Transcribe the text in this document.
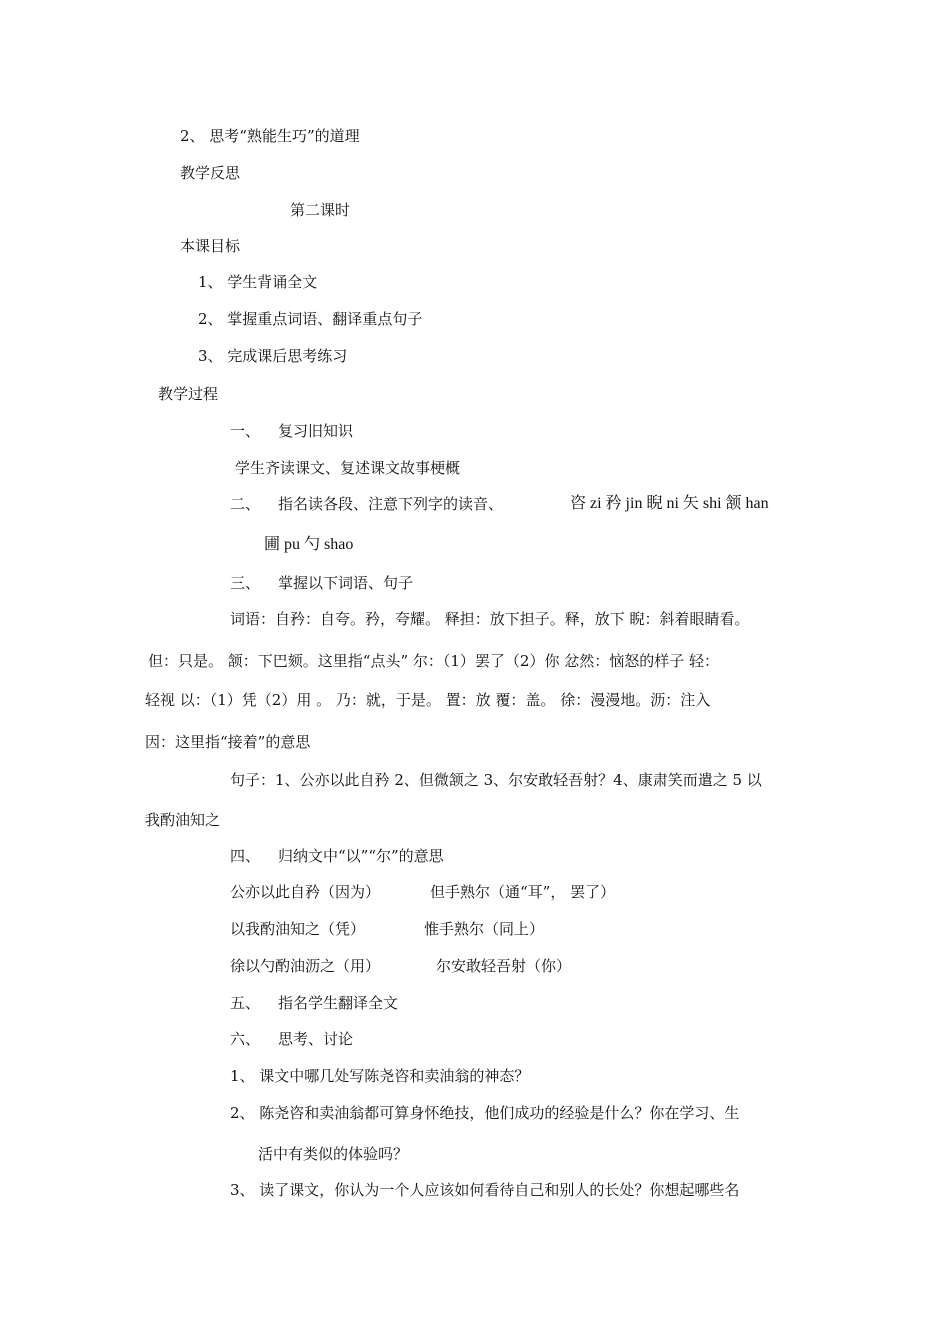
2、 思考“熟能生巧”的道理
教学反思
第二课时
本课目标
1、 学生背诵全文
2、 掌握重点词语、翻译重点句子
3、 完成课后思考练习
教学过程
一、 复习旧知识
学生齐读课文、复述课文故事梗概
二、 指名读各段、注意下列字的读音、	咨 zi 矜 jin 睨 ni 矢 shi 颔 han
圃 pu 勺 shao
三、 掌握以下词语、句子
词语：自矜：自夸。矜，夸耀。 释担：放下担子。释，放下 睨：斜着眼睛看。
但：只是。 颔：下巴颏。这里指“点头” 尔：（1）罢了（2）你 忿然：恼怒的样子 轻：
轻视 以：（1）凭（2）用 。 乃：就，于是。 置：放 覆：盖。 徐：漫漫地。沥：注入
因：这里指“接着”的意思
句子：1、公亦以此自矜 2、但微颔之 3、尔安敢轻吾射？4、康肃笑而遣之 5 以
我酌油知之
四、 归纳文中“以”“尔”的意思
公亦以此自矜（因为）	但手熟尔（通“耳”， 罢了）
以我酌油知之（凭）	惟手熟尔（同上）
徐以勺酌油沥之（用）	尔安敢轻吾射（你）
五、 指名学生翻译全文
六、 思考、讨论
1、 课文中哪几处写陈尧咨和卖油翁的神态？
2、 陈尧咨和卖油翁都可算身怀绝技，他们成功的经验是什么？你在学习、生
活中有类似的体验吗？
3、 读了课文，你认为一个人应该如何看待自己和别人的长处？你想起哪些名
